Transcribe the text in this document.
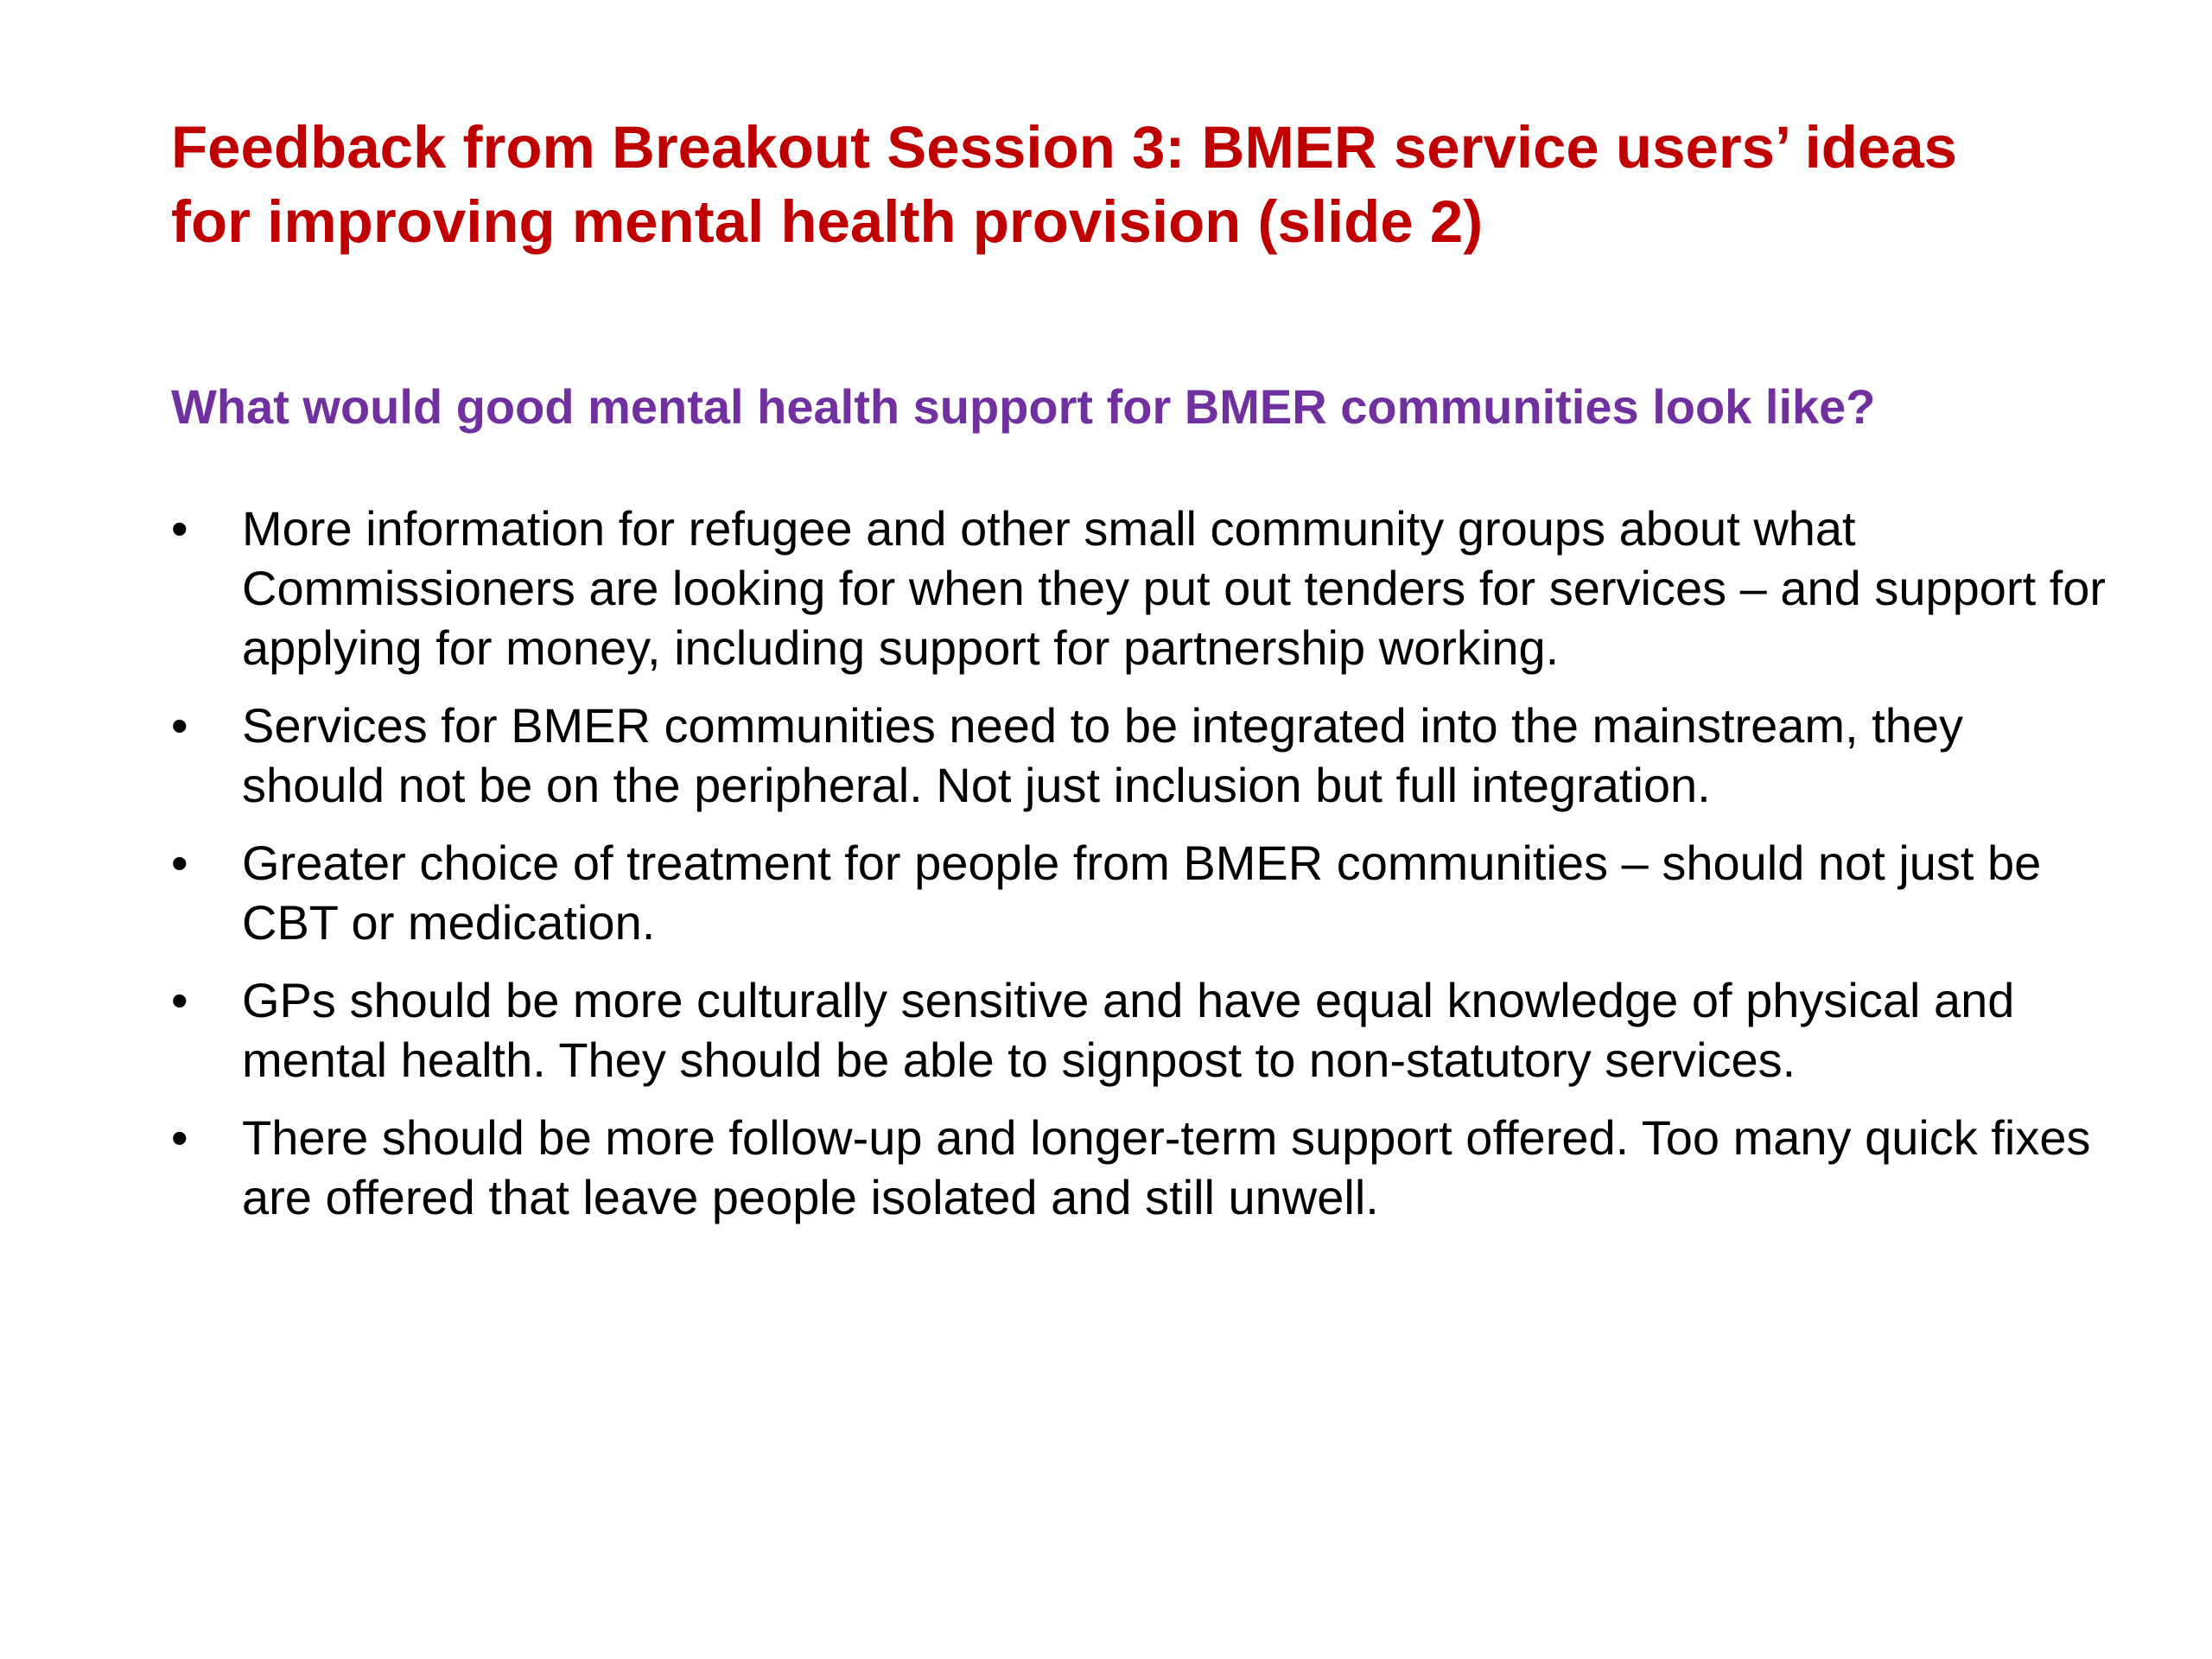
Feedback from Breakout Session 3: BMER service users’ ideas
for improving mental health provision (slide 2)
What would good mental health support for BMER communities look like?
• More information for refugee and other small community groups about what Commissioners are looking for when they put out tenders for services – and support for applying for money, including support for partnership working.
• Services for BMER communities need to be integrated into the mainstream, they should not be on the peripheral. Not just inclusion but full integration.
• Greater choice of treatment for people from BMER communities – should not just be CBT or medication.
• GPs should be more culturally sensitive and have equal knowledge of physical and mental health. They should be able to signpost to non-statutory services.
• There should be more follow-up and longer-term support offered. Too many quick fixes are offered that leave people isolated and still unwell.
